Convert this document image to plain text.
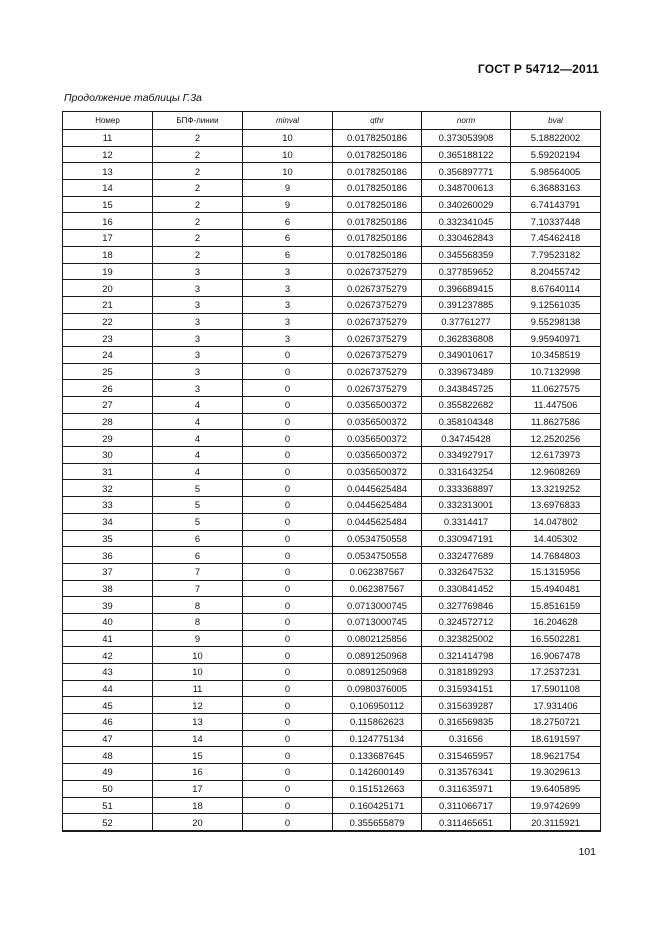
ГОСТ Р 54712—2011
Продолжение таблицы Г.3а
Номер	БПФ-линии	minval	qthr	norm	bval
11	2	10	0.0178250186	0.373053908	5.18822002
12	2	10	0.0178250186	0.365188122	5.59202194
13	2	10	0.0178250186	0.356897771	5.98564005
14	2	9	0.0178250186	0.348700613	6.36883163
15	2	9	0.0178250186	0.340260029	6.74143791
16	2	6	0.0178250186	0.332341045	7.10337448
17	2	6	0.0178250186	0.330462843	7.45462418
18	2	6	0.0178250186	0.345568359	7.79523182
19	3	3	0.0267375279	0.377859652	8.20455742
20	3	3	0.0267375279	0.396689415	8.67640114
21	3	3	0.0267375279	0.391237885	9.12561035
22	3	3	0.0267375279	0.37761277	9.55298138
23	3	3	0.0267375279	0.362836808	9.95940971
24	3	0	0.0267375279	0.349010617	10.3458519
25	3	0	0.0267375279	0.339673489	10.7132998
26	3	0	0.0267375279	0.343845725	11.0627575
27	4	0	0.0356500372	0.355822682	11.447506
28	4	0	0.0356500372	0.358104348	11.8627586
29	4	0	0.0356500372	0.34745428	12.2520256
30	4	0	0.0356500372	0.334927917	12.6173973
31	4	0	0.0356500372	0.331643254	12.9608269
32	5	0	0.0445625484	0.333368897	13.3219252
33	5	0	0.0445625484	0.332313001	13.6976833
34	5	0	0.0445625484	0.3314417	14.047802
35	6	0	0.0534750558	0.330947191	14.405302
36	6	0	0.0534750558	0.332477689	14.7684803
37	7	0	0.062387567	0.332647532	15.1315956
38	7	0	0.062387567	0.330841452	15.4940481
39	8	0	0.0713000745	0.327769846	15.8516159
40	8	0	0.0713000745	0.324572712	16.204628
41	9	0	0.0802125856	0.323825002	16.5502281
42	10	0	0.0891250968	0.321414798	16.9067478
43	10	0	0.0891250968	0.318189293	17.2537231
44	11	0	0.0980376005	0.315934151	17.5901108
45	12	0	0.106950112	0.315639287	17.931406
46	13	0	0.115862623	0.316569835	18.2750721
47	14	0	0.124775134	0.31656	18.6191597
48	15	0	0.133687645	0.315465957	18.9621754
49	16	0	0.142600149	0.313576341	19.3029613
50	17	0	0.151512663	0.311635971	19.6405895
51	18	0	0.160425171	0.311066717	19.9742699
52	20	0	0.355655879	0.311465651	20.3115921
101
